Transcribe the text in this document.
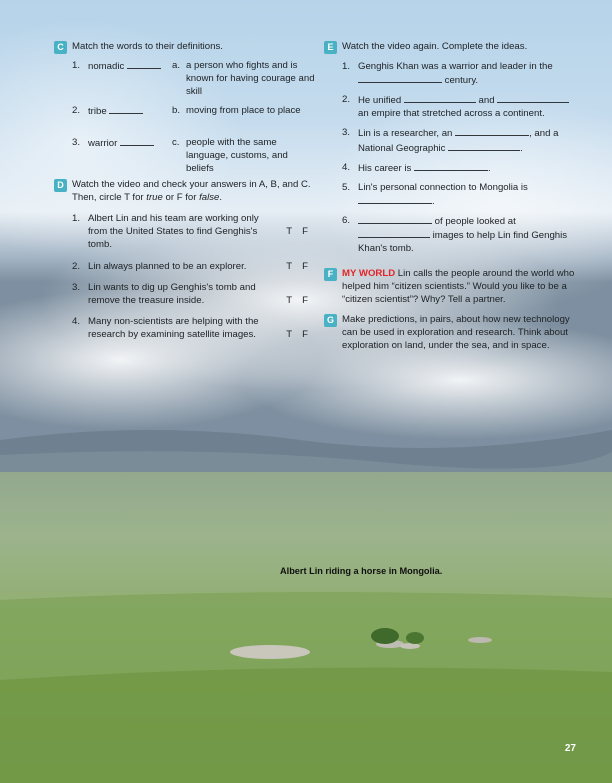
C Match the words to their definitions.

1. nomadic	a. a person who fights and is known for having courage and skill
2. tribe	b. moving from place to place
3. warrior	c. people with the same language, customs, and beliefs
D Watch the video and check your answers in A, B, and C. Then, circle T for true or F for false.

1. Albert Lin and his team are working only from the United States to find Genghis's tomb.
T F
2. Lin always planned to be an explorer.	T F
3. Lin wants to dig up Genghis's tomb and remove the treasure inside.	T F
4. Many non-scientists are helping with the research by examining satellite images.	T F
E Watch the video again. Complete the ideas.

1. Genghis Khan was a warrior and leader in the  century.
2. He unified	and  an empire that stretched across a continent.
3. Lin is a researcher, an	, and a National Geographic	.
4. His career is	.
5. Lin's personal connection to Mongolia is .
6.	of people looked at  images to help Lin find Genghis Khan's tomb.
F MY WORLD Lin calls the people around the world who helped him “citizen scientists.” Would you like to be a “citizen scientist”? Why? Tell a partner.

G Make predictions, in pairs, about how new technology can be used in exploration and research. Think about exploration on land, under the sea, and in space.

Albert Lin riding a horse in Mongolia.
27
